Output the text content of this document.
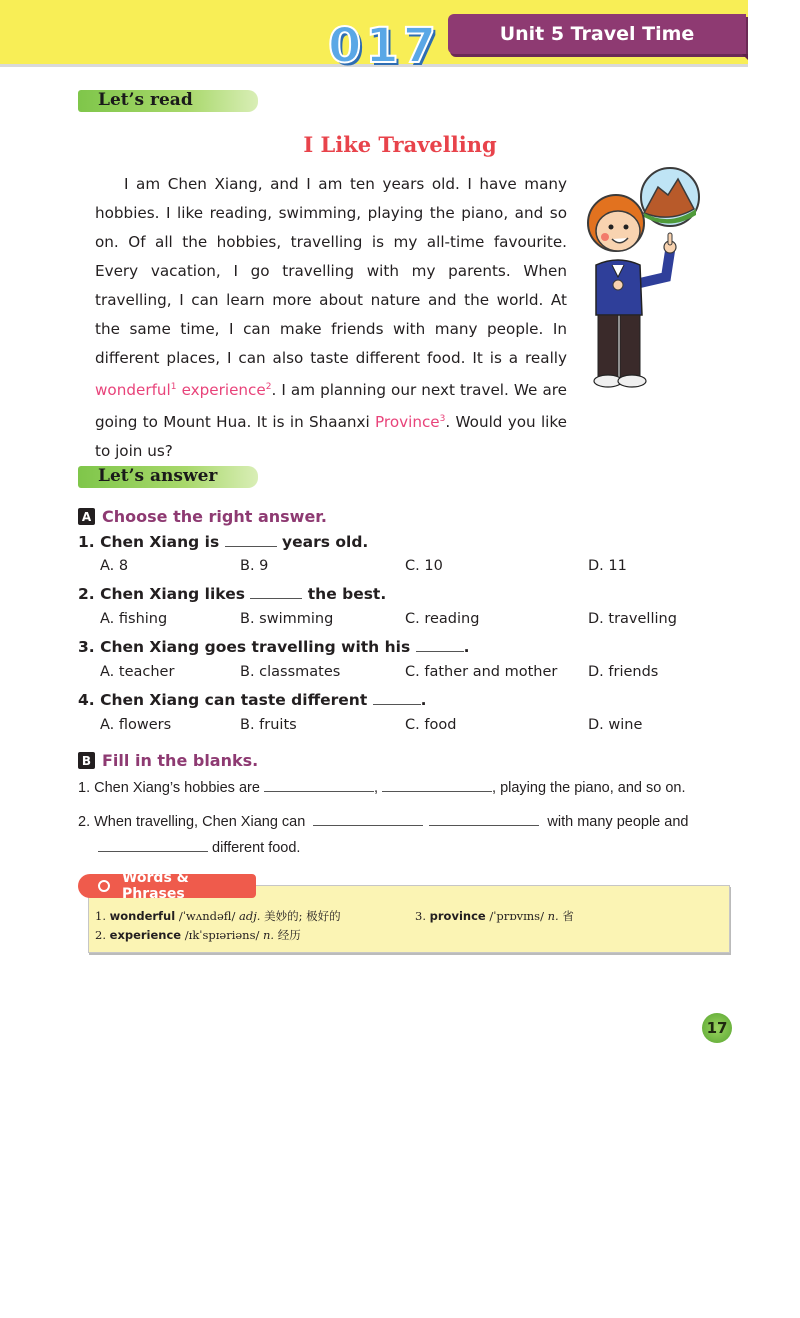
017	Unit 5 Travel Time
Let’s read
I Like Travelling

I am Chen Xiang, and I am ten years old. I have many hobbies. I like reading, swimming, playing the piano, and so on. Of all the hobbies, travelling is my all-time favourite. Every vacation, I go travelling with my parents. When travelling, I can learn more about nature and the world. At the same time, I can make friends with many people. In different places, I can also taste different food. It is a really wonderful$^1$ experience$^2$. I am planning our next travel. We are going to Mount Hua. It is in Shaanxi Province$^3$. Would you like to join us?

Let’s answer
A Choose the right answer.
1. Chen Xiang is	years old.
A. 8	B. 9	C. 10	D. 11
2. Chen Xiang likes	the best.
A. fishing	B. swimming	C. reading	D. travelling
3. Chen Xiang goes travelling with his	.
A. teacher	B. classmates	C. father and mother D. friends
4. Chen Xiang can taste different	.
A. flowers	B. fruits	C. food	D. wine
B Fill in the blanks.
1. Chen Xiang’s hobbies are	,	, playing the piano, and so on.
2. When travelling, Chen Xiang can	with many people and
different food.
Words & Phrases
1. wonderful /ˈwʌndəfl/ adj. 美妙的; 极好的
2. experience /ɪkˈspɪəriəns/ n. 经历
3. province /ˈprɒvɪns/ n. 省
17
